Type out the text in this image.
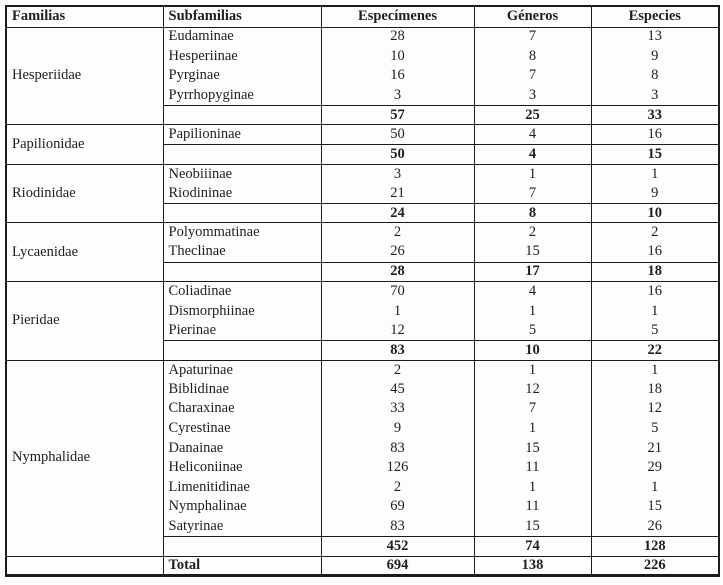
Familias	Subfamilias	Especímenes	Géneros	Especies
Hesperiidae	Eudaminae	28	7	13
	Hesperiinae	10	8	9
	Pyrginae	16	7	8
	Pyrrhopyginae	3	3	3
		57	25	33
Papilionidae	Papilioninae	50	4	16
		50	4	15
Riodinidae	Neobiiinae	3	1	1
	Riodininae	21	7	9
		24	8	10
Lycaenidae	Polyommatinae	2	2	2
	Theclinae	26	15	16
		28	17	18
Pieridae	Coliadinae	70	4	16
	Dismorphiinae	1	1	1
	Pierinae	12	5	5
		83	10	22
Nymphalidae	Apaturinae	2	1	1
	Biblidinae	45	12	18
	Charaxinae	33	7	12
	Cyrestinae	9	1	5
	Danainae	83	15	21
	Heliconiinae	126	11	29
	Limenitidinae	2	1	1
	Nymphalinae	69	11	15
	Satyrinae	83	15	26
		452	74	128
	Total	694	138	226
